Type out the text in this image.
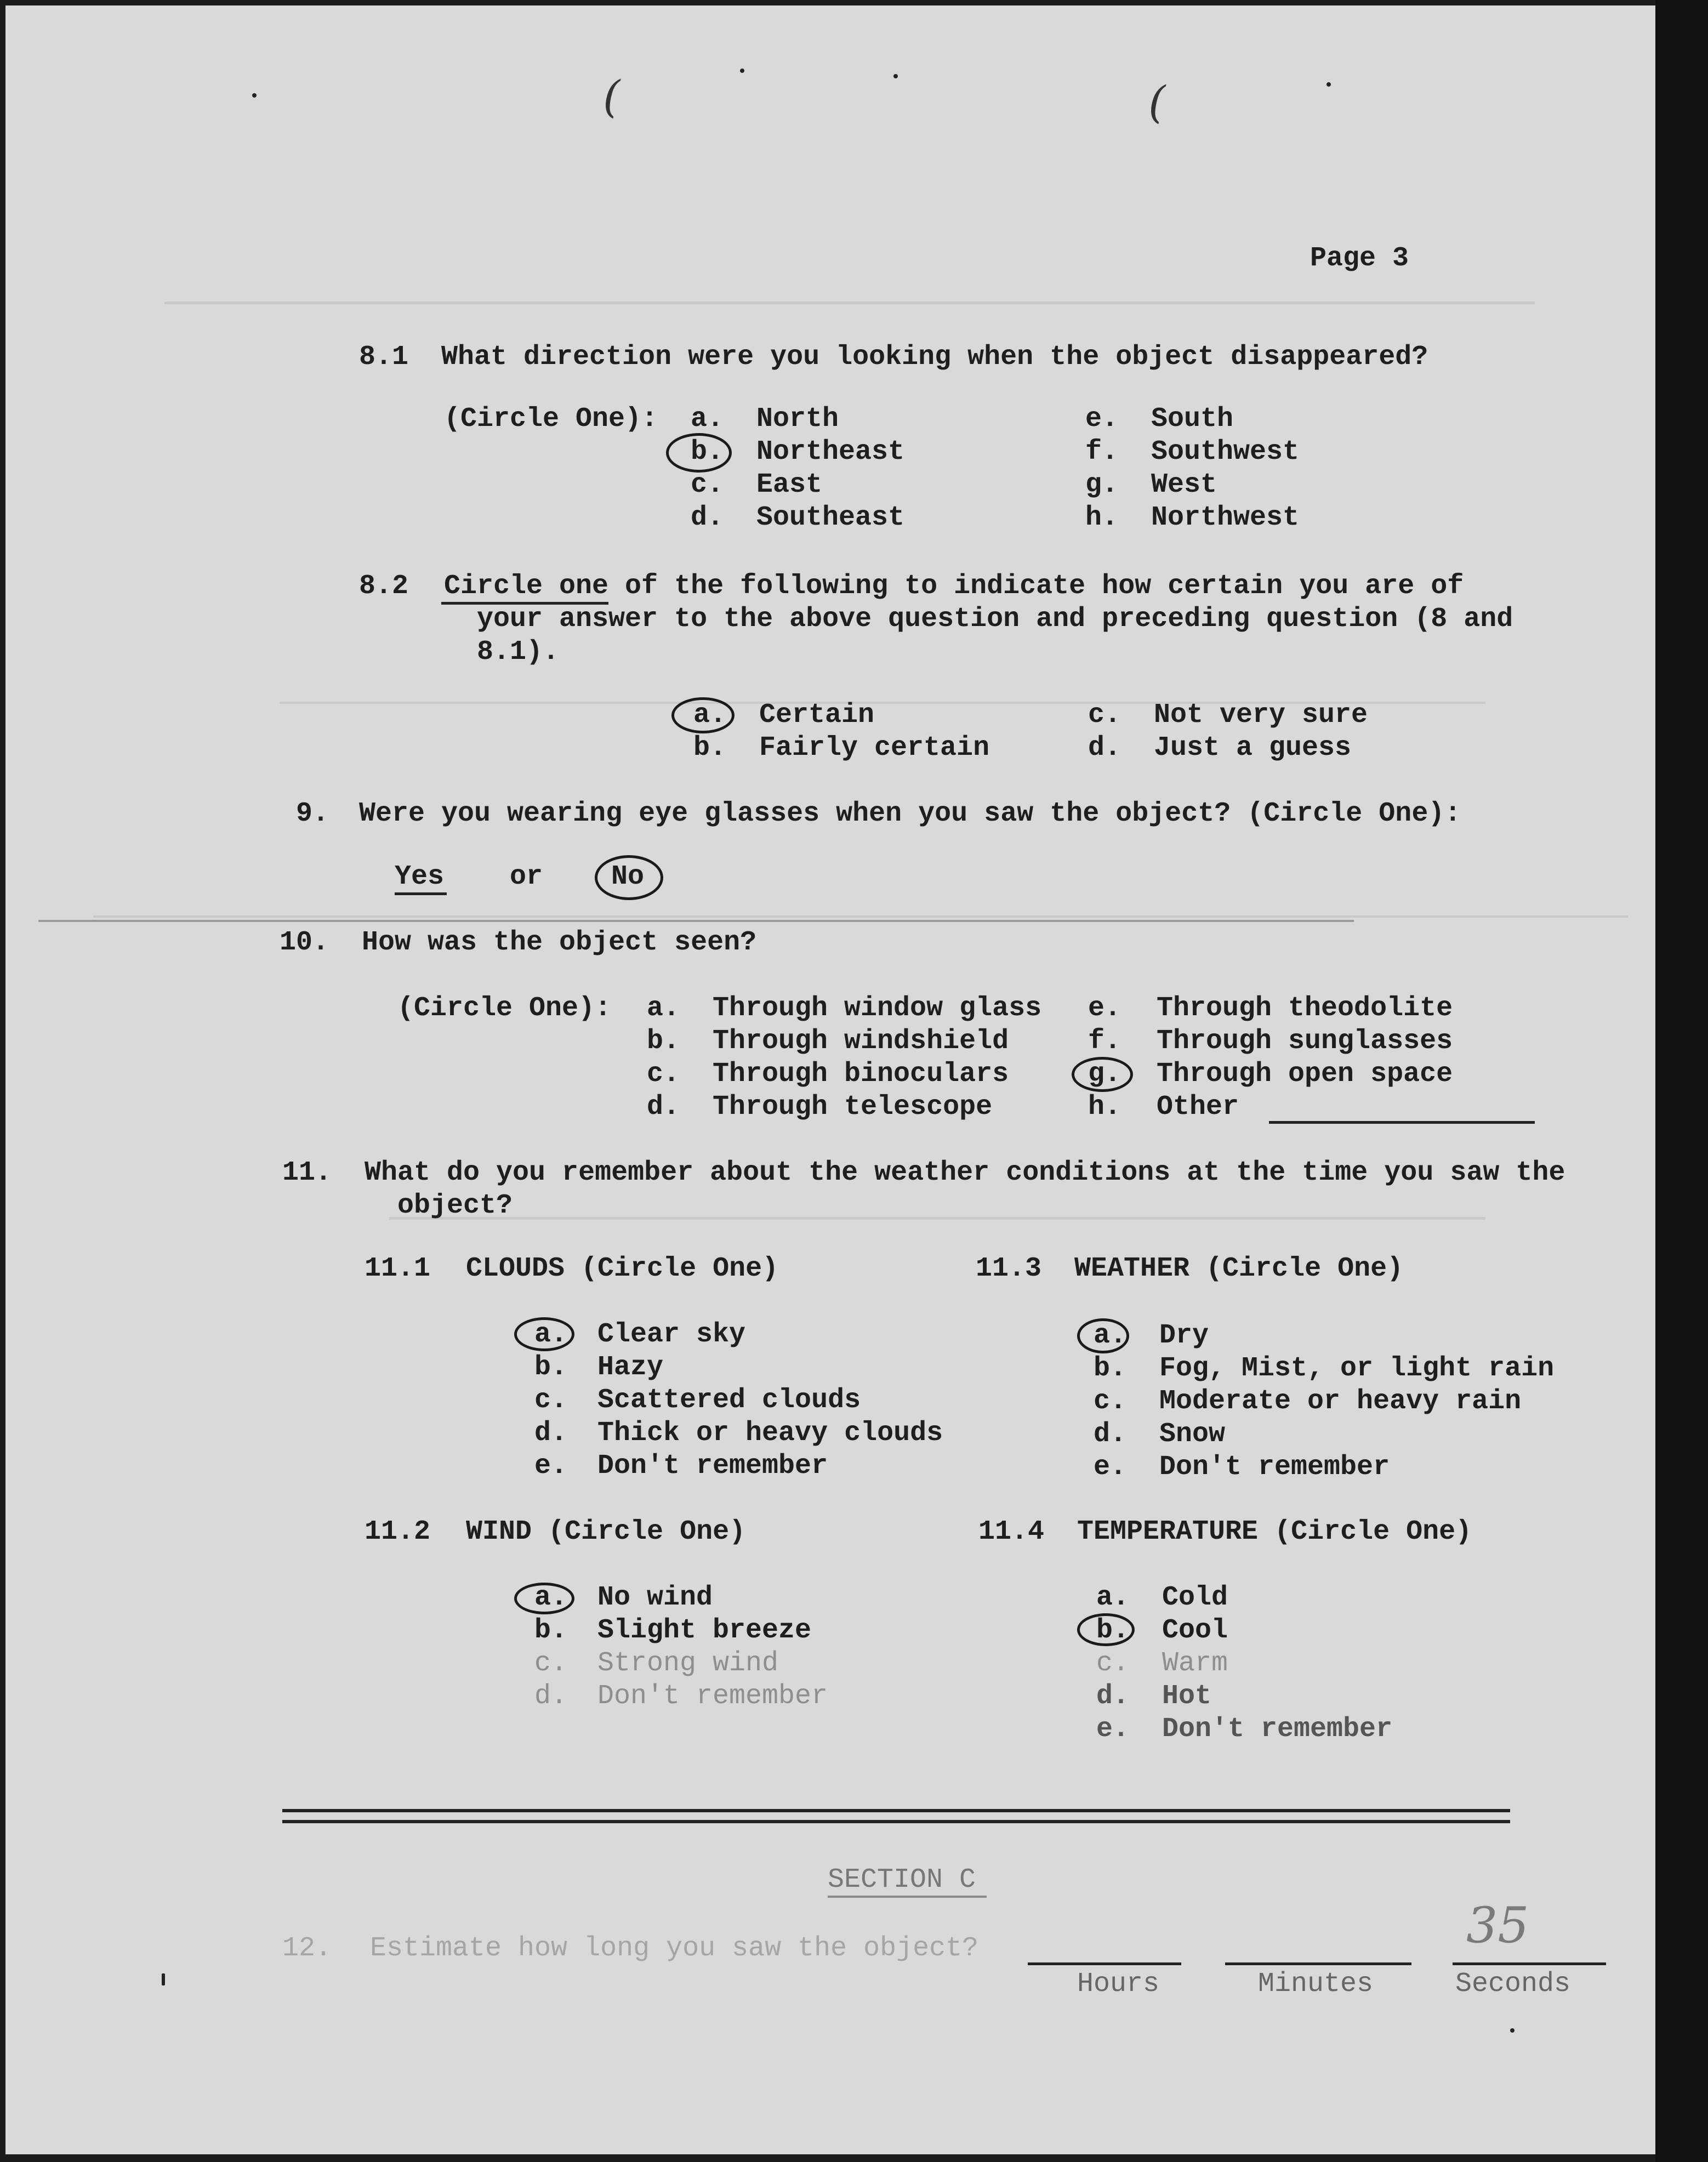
(	(
Page 3
8.1 What direction were you looking when the object disappeared?
(Circle One): a. North
b. Northeast
c. East
d. Southeast
e. South
f. Southwest
g. West
h. Northwest
8.2 Circle one of the following to indicate how certain you are of
your answer to the above question and preceding question (8 and
8.1).
a. Certain
b. Fairly certain
c. Not very sure
d. Just a guess
9. Were you wearing eye glasses when you saw the object? (Circle One):
Yes or No
10. How was the object seen?
(Circle One): a. Through window glass
b. Through windshield
c. Through binoculars
d. Through telescope
e. Through theodolite
f. Through sunglasses
g. Through open space
h. Other
11. What do you remember about the weather conditions at the time you saw the
object?
11.1 CLOUDS (Circle One)
a. Clear sky
b. Hazy
c. Scattered clouds
d. Thick or heavy clouds
e. Don't remember
11.2 WIND (Circle One)
a. No wind
b. Slight breeze
c. Strong wind
d. Don't remember
11.3 WEATHER (Circle One)
a. Dry
b. Fog, Mist, or light rain
c. Moderate or heavy rain
d. Snow
e. Don't remember
11.4 TEMPERATURE (Circle One)
a. Cold
b. Cool
c. Warm
d. Hot
e. Don't remember
SECTION C
12. Estimate how long you saw the object?	35
Hours	Minutes	Seconds
